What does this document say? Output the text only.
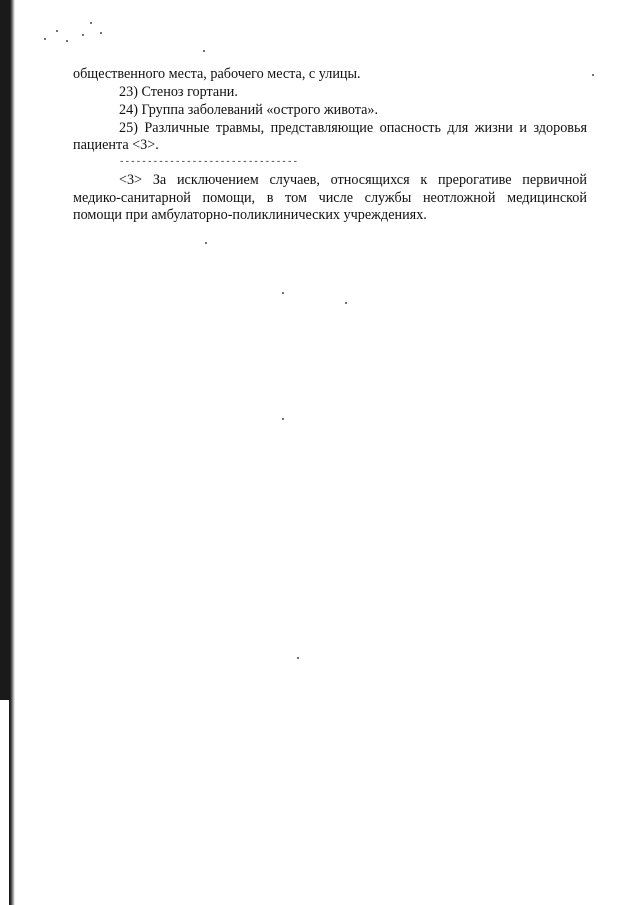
общественного места, рабочего места, с улицы.
23) Стеноз гортани.
24) Группа заболеваний «острого живота».
25) Различные травмы, представляющие опасность для жизни и здоровья
пациента <3>.
--------------------------------
<3> За исключением случаев, относящихся к прерогативе первичной
медико-санитарной помощи, в том числе службы неотложной медицинской
помощи при амбулаторно-поликлинических учреждениях.
